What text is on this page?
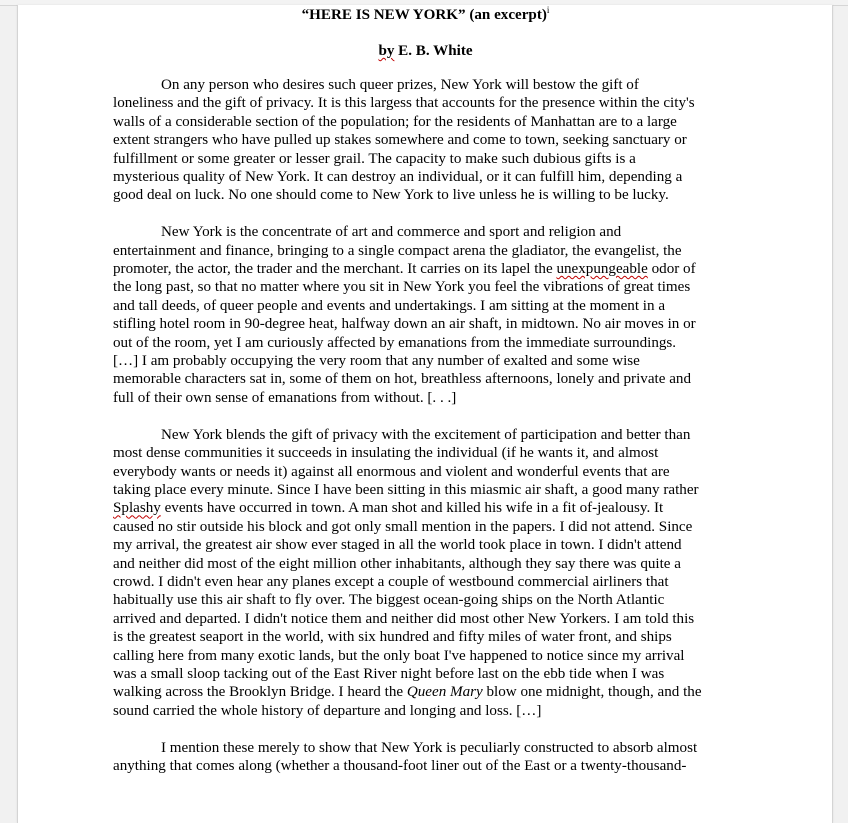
“HERE IS NEW YORK” (an excerpt)$^i$

by E. B. White

On any person who desires such queer prizes, New York will bestow the gift of
loneliness and the gift of privacy. It is this largess that accounts for the presence within the city's
walls of a considerable section of the population; for the residents of Manhattan are to a large
extent strangers who have pulled up stakes somewhere and come to town, seeking sanctuary or
fulfillment or some greater or lesser grail. The capacity to make such dubious gifts is a
mysterious quality of New York. It can destroy an individual, or it can fulfill him, depending a
good deal on luck. No one should come to New York to live unless he is willing to be lucky.
New York is the concentrate of art and commerce and sport and religion and
entertainment and finance, bringing to a single compact arena the gladiator, the evangelist, the
promoter, the actor, the trader and the merchant. It carries on its lapel the unexpungeable odor of
the long past, so that no matter where you sit in New York you feel the vibrations of great times
and tall deeds, of queer people and events and undertakings. I am sitting at the moment in a
stifling hotel room in 90-degree heat, halfway down an air shaft, in midtown. No air moves in or
out of the room, yet I am curiously affected by emanations from the immediate surroundings.
[…] I am probably occupying the very room that any number of exalted and some wise
memorable characters sat in, some of them on hot, breathless afternoons, lonely and private and
full of their own sense of emanations from without. [. . .]
New York blends the gift of privacy with the excitement of participation and better than
most dense communities it succeeds in insulating the individual (if he wants it, and almost
everybody wants or needs it) against all enormous and violent and wonderful events that are
taking place every minute. Since I have been sitting in this miasmic air shaft, a good many rather
Splashy events have occurred in town. A man shot and killed his wife in a fit of-jealousy. It
caused no stir outside his block and got only small mention in the papers. I did not attend. Since
my arrival, the greatest air show ever staged in all the world took place in town. I didn't attend
and neither did most of the eight million other inhabitants, although they say there was quite a
crowd. I didn't even hear any planes except a couple of westbound commercial airliners that
habitually use this air shaft to fly over. The biggest ocean-going ships on the North Atlantic
arrived and departed. I didn't notice them and neither did most other New Yorkers. I am told this
is the greatest seaport in the world, with six hundred and fifty miles of water front, and ships
calling here from many exotic lands, but the only boat I've happened to notice since my arrival
was a small sloop tacking out of the East River night before last on the ebb tide when I was
walking across the Brooklyn Bridge. I heard the Queen Mary blow one midnight, though, and the
sound carried the whole history of departure and longing and loss. […]
I mention these merely to show that New York is peculiarly constructed to absorb almost
anything that comes along (whether a thousand-foot liner out of the East or a twenty-thousand-
